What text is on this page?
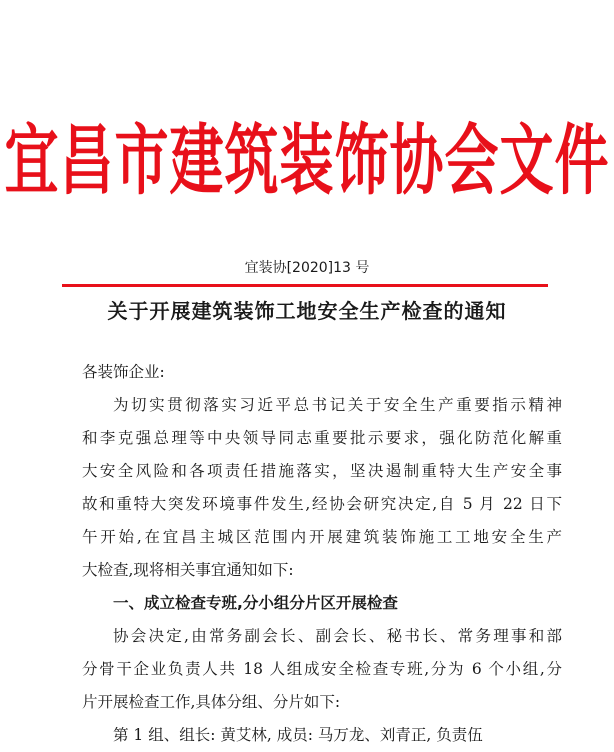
宜昌市建筑装饰协会文件
宜装协[2020]13 号
关于开展建筑装饰工地安全生产检查的通知

各装饰企业:

为切实贯彻落实习近平总书记关于安全生产重要指示精神

和李克强总理等中央领导同志重要批示要求，强化防范化解重

大安全风险和各项责任措施落实，坚决遏制重特大生产安全事

故和重特大突发环境事件发生,经协会研究决定,自 5 月 22 日下

午开始,在宜昌主城区范围内开展建筑装饰施工工地安全生产

大检查,现将相关事宜通知如下:

一、成立检查专班,分小组分片区开展检查

协会决定,由常务副会长、副会长、秘书长、常务理事和部

分骨干企业负责人共 18 人组成安全检查专班,分为 6 个小组,分

片开展检查工作,具体分组、分片如下:

第 1 组、组长: 黄艾林, 成员: 马万龙、刘青正, 负责伍
